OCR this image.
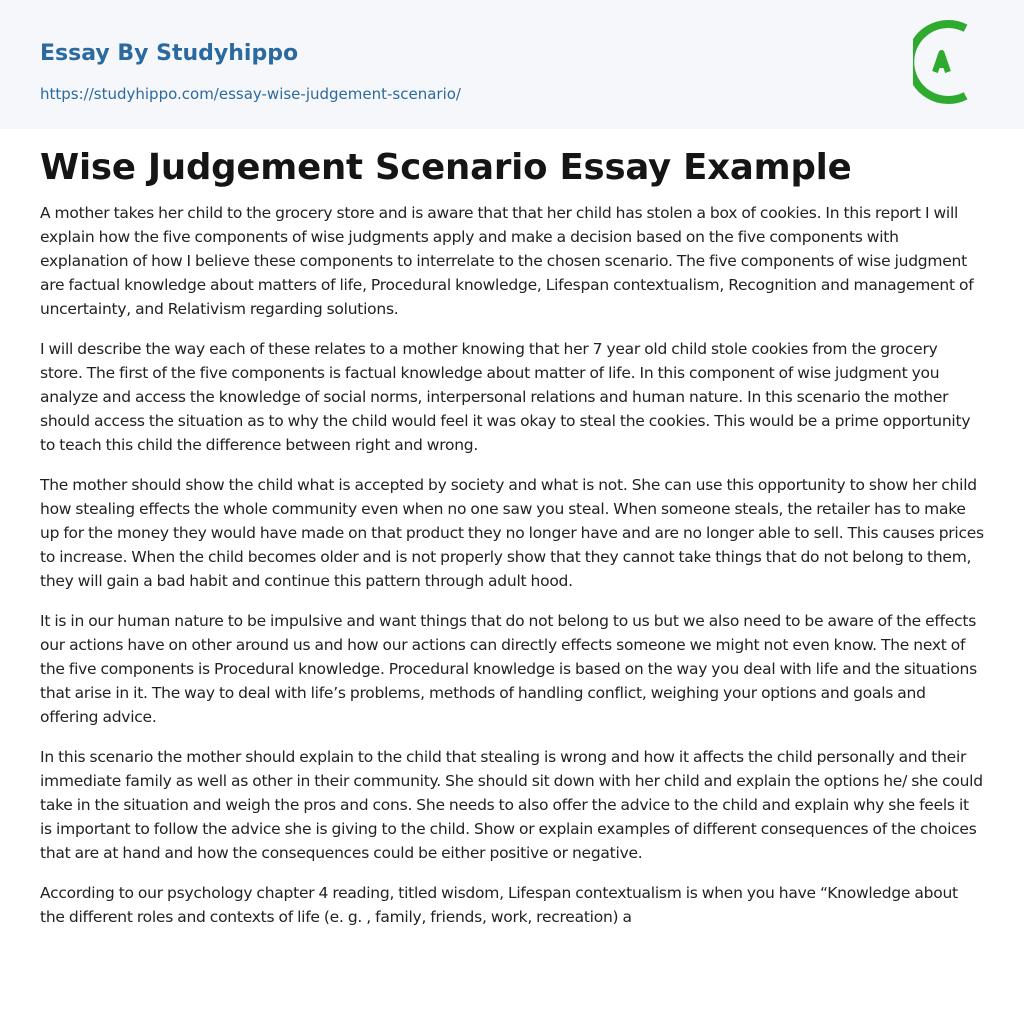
Essay By Studyhippo
https://studyhippo.com/essay-wise-judgement-scenario/
Wise Judgement Scenario Essay Example

A mother takes her child to the grocery store and is aware that that her child has stolen a box of cookies. In this report I will explain how the five components of wise judgments apply and make a decision based on the five components with explanation of how I believe these components to interrelate to the chosen scenario. The five components of wise judgment are factual knowledge about matters of life, Procedural knowledge, Lifespan contextualism, Recognition and management of uncertainty, and Relativism regarding solutions.

I will describe the way each of these relates to a mother knowing that her 7 year old child stole cookies from the grocery store. The first of the five components is factual knowledge about matter of life. In this component of wise judgment you analyze and access the knowledge of social norms, interpersonal relations and human nature. In this scenario the mother should access the situation as to why the child would feel it was okay to steal the cookies. This would be a prime opportunity to teach this child the difference between right and wrong.

The mother should show the child what is accepted by society and what is not. She can use this opportunity to show her child how stealing effects the whole community even when no one saw you steal. When someone steals, the retailer has to make up for the money they would have made on that product they no longer have and are no longer able to sell. This causes prices to increase. When the child becomes older and is not properly show that they cannot take things that do not belong to them, they will gain a bad habit and continue this pattern through adult hood.

It is in our human nature to be impulsive and want things that do not belong to us but we also need to be aware of the effects our actions have on other around us and how our actions can directly effects someone we might not even know. The next of the five components is Procedural knowledge. Procedural knowledge is based on the way you deal with life and the situations that arise in it. The way to deal with life’s problems, methods of handling conflict, weighing your options and goals and offering advice.

In this scenario the mother should explain to the child that stealing is wrong and how it affects the child personally and their immediate family as well as other in their community. She should sit down with her child and explain the options he/ she could take in the situation and weigh the pros and cons. She needs to also offer the advice to the child and explain why she feels it is important to follow the advice she is giving to the child. Show or explain examples of different consequences of the choices that are at hand and how the consequences could be either positive or negative.

According to our psychology chapter 4 reading, titled wisdom, Lifespan contextualism is when you have “Knowledge about the different roles and contexts of life (e. g. , family, friends, work, recreation) a
